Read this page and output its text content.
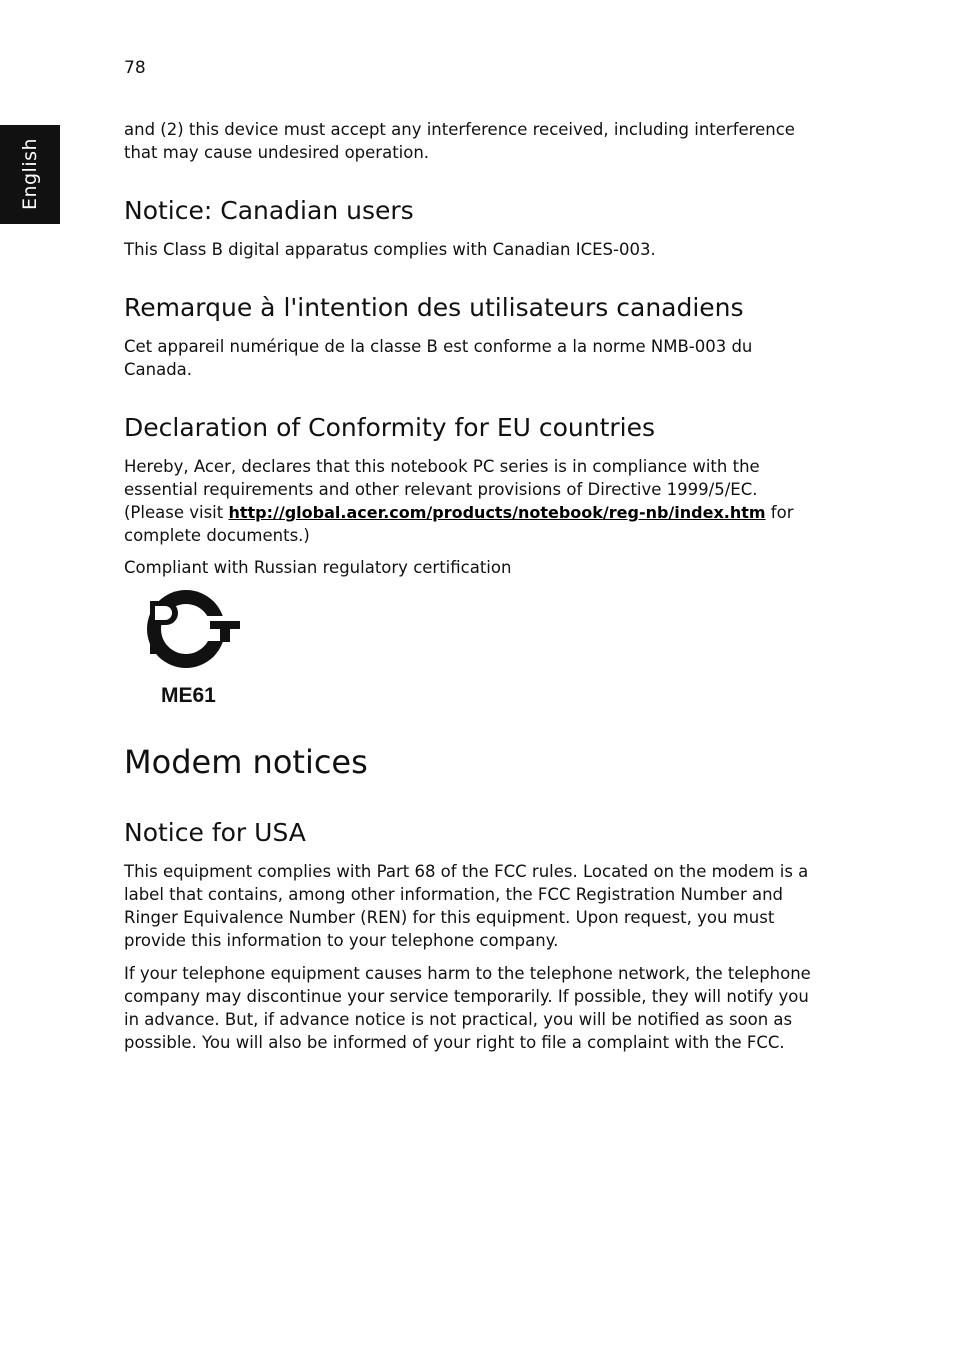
78

English

and (2) this device must accept any interference received, including interference that may cause undesired operation.

Notice: Canadian users

This Class B digital apparatus complies with Canadian ICES-003.

Remarque à l'intention des utilisateurs canadiens

Cet appareil numérique de la classe B est conforme a la norme NMB-003 du Canada.

Declaration of Conformity for EU countries

Hereby, Acer, declares that this notebook PC series is in compliance with the essential requirements and other relevant provisions of Directive 1999/5/EC. (Please visit http://global.acer.com/products/notebook/reg-nb/index.htm for complete documents.)

Compliant with Russian regulatory certification

ME61

Modem notices
Notice for USA

This equipment complies with Part 68 of the FCC rules. Located on the modem is a label that contains, among other information, the FCC Registration Number and Ringer Equivalence Number (REN) for this equipment. Upon request, you must provide this information to your telephone company.

If your telephone equipment causes harm to the telephone network, the telephone company may discontinue your service temporarily. If possible, they will notify you in advance. But, if advance notice is not practical, you will be notified as soon as possible. You will also be informed of your right to file a complaint with the FCC.
